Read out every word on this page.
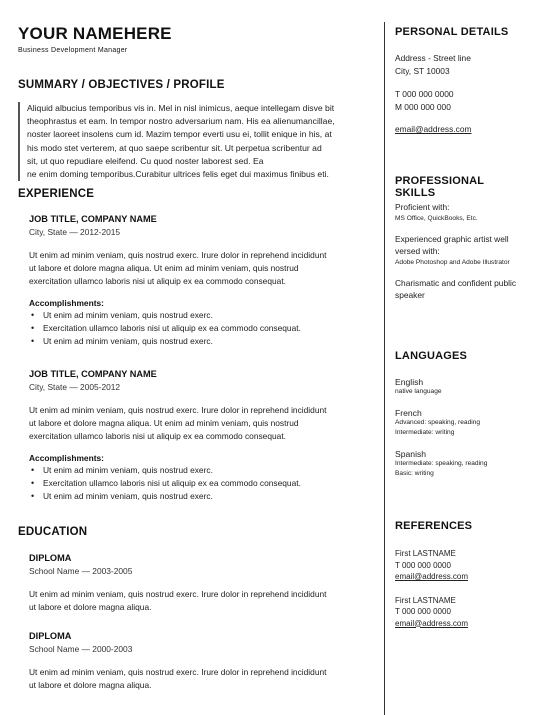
YOUR NAMEHERE
Business Development Manager
SUMMARY / OBJECTIVES / PROFILE
Aliquid albucius temporibus vis in. Mel in nisl inimicus, aeque intellegam disve bit
theophrastus et eam. In tempor nostro adversarium nam. His ea alienumancillae,
noster laoreet insolens cum id. Mazim tempor everti usu ei, tollit enique in his, at
his modo stet verterem, at quo saepe scribentur sit. Ut perpetua scribentur ad
sit, ut quo repudiare eleifend. Cu quod noster laborest sed. Ea
ne enim doming temporibus.Curabitur ultrices felis eget dui maximus finibus eti.
EXPERIENCE
JOB TITLE, COMPANY NAME
City, State — 2012-2015
Ut enim ad minim veniam, quis nostrud exerc. Irure dolor in reprehend incididunt
ut labore et dolore magna aliqua. Ut enim ad minim veniam, quis nostrud
exercitation ullamco laboris nisi ut aliquip ex ea commodo consequat.
Accomplishments:
• Ut enim ad minim veniam, quis nostrud exerc.
• Exercitation ullamco laboris nisi ut aliquip ex ea commodo consequat.
• Ut enim ad minim veniam, quis nostrud exerc.
JOB TITLE, COMPANY NAME
City, State — 2005-2012
Ut enim ad minim veniam, quis nostrud exerc. Irure dolor in reprehend incididunt
ut labore et dolore magna aliqua. Ut enim ad minim veniam, quis nostrud
exercitation ullamco laboris nisi ut aliquip ex ea commodo consequat.
Accomplishments:
• Ut enim ad minim veniam, quis nostrud exerc.
• Exercitation ullamco laboris nisi ut aliquip ex ea commodo consequat.
• Ut enim ad minim veniam, quis nostrud exerc.
EDUCATION
DIPLOMA
School Name — 2003-2005
Ut enim ad minim veniam, quis nostrud exerc. Irure dolor in reprehend incididunt
ut labore et dolore magna aliqua.
DIPLOMA
School Name — 2000-2003
Ut enim ad minim veniam, quis nostrud exerc. Irure dolor in reprehend incididunt
ut labore et dolore magna aliqua.
PERSONAL DETAILS
Address - Street line
City, ST 10003
T 000 000 0000
M 000 000 000
email@address.com
PROFESSIONAL SKILLS
Proficient with:
MS Office, QuickBooks, Etc.
Experienced graphic artist well versed with:
Adobe Photoshop and Adobe Illustrator
Charismatic and confident public speaker
LANGUAGES
English
native language
French
Advanced: speaking, reading
Intermediate: writing
Spanish
Intermediate: speaking, reading
Basic: writing
REFERENCES
First LASTNAME
T 000 000 0000
email@address.com
First LASTNAME
T 000 000 0000
email@address.com
